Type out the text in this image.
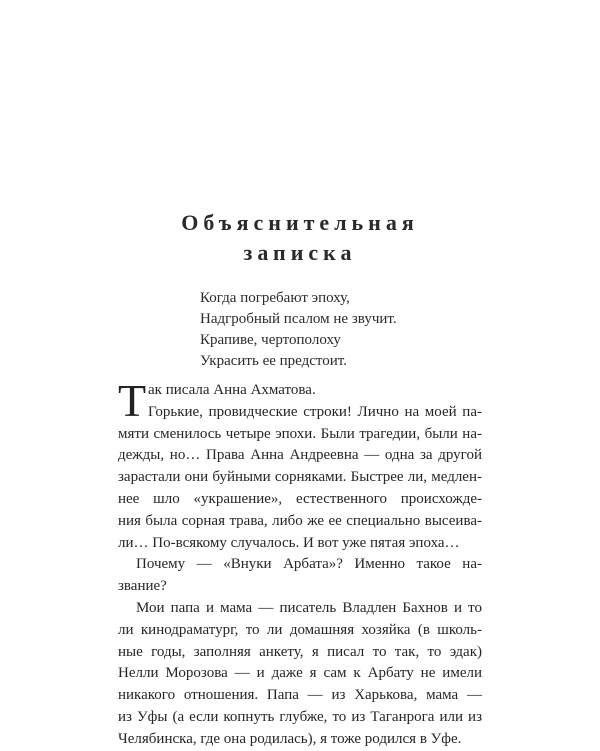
Объяснительная
записка
Когда погребают эпоху,
Надгробный псалом не звучит.
Крапиве, чертополоху
Украсить ее предстоит.
Т ак писала Анна Ахматова.
Горькие, провидческие строки! Лично на моей па-
мяти сменилось четыре эпохи. Были трагедии, были на-
дежды, но… Права Анна Андреевна — одна за другой
зарастали они буйными сорняками. Быстрее ли, медлен-
нее шло «украшение», естественного происхожде-
ния была сорная трава, либо же ее специально высеива-
ли… По-всякому случалось. И вот уже пятая эпоха…
Почему — «Внуки Арбата»? Именно такое на-
звание?
Мои папа и мама — писатель Владлен Бахнов и то
ли кинодраматург, то ли домашняя хозяйка (в школь-
ные годы, заполняя анкету, я писал то так, то эдак)
Нелли Морозова — и даже я сам к Арбату не имели
никакого отношения. Папа — из Харькова, мама —
из Уфы (а если копнуть глубже, то из Таганрога или из
Челябинска, где она родилась), я тоже родился в Уфе.
